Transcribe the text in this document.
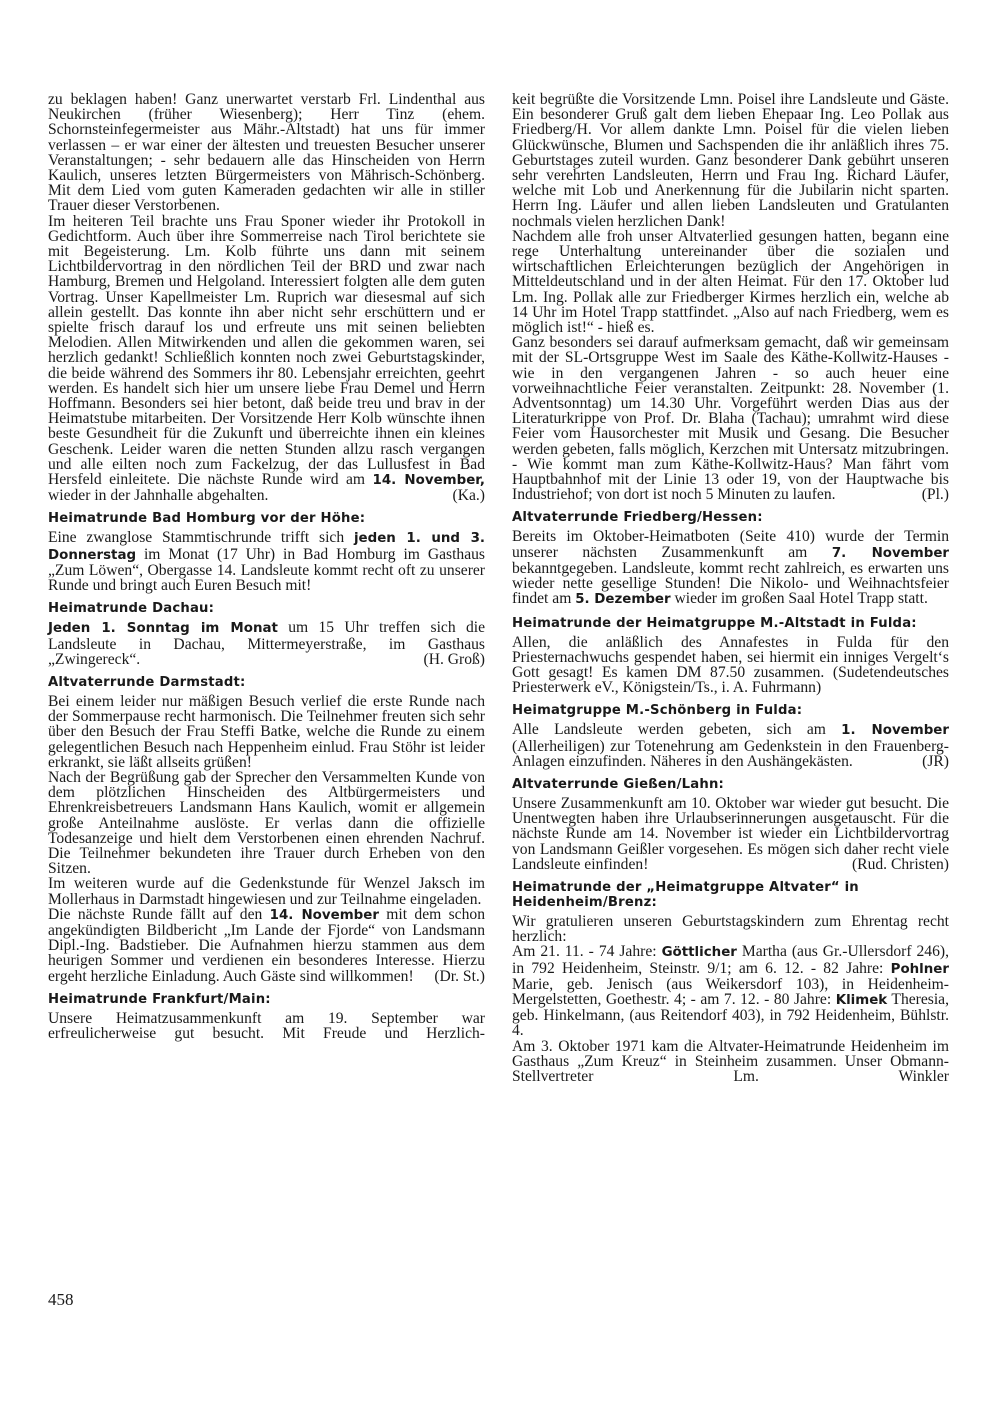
zu beklagen haben! Ganz unerwartet verstarb Frl. Lindenthal aus Neukirchen (früher Wiesenberg); Herr Tinz (ehem. Schornsteinfegermeister aus Mähr.-Altstadt) hat uns für immer verlassen – er war einer der ältesten und treuesten Besucher unserer Veranstaltungen; - sehr bedauern alle das Hinscheiden von Herrn Kaulich, unseres letzten Bürgermeisters von Mährisch-Schönberg. Mit dem Lied vom guten Kameraden gedachten wir alle in stiller Trauer dieser Verstorbenen.

Im heiteren Teil brachte uns Frau Sponer wieder ihr Protokoll in Gedichtform. Auch über ihre Sommerreise nach Tirol berichtete sie mit Begeisterung. Lm. Kolb führte uns dann mit seinem Lichtbildervortrag in den nördlichen Teil der BRD und zwar nach Hamburg, Bremen und Helgoland. Interessiert folgten alle dem guten Vortrag. Unser Kapellmeister Lm. Ruprich war diesesmal auf sich allein gestellt. Das konnte ihn aber nicht sehr erschüttern und er spielte frisch darauf los und erfreute uns mit seinen beliebten Melodien. Allen Mitwirkenden und allen die gekommen waren, sei herzlich gedankt! Schließlich konnten noch zwei Geburtstagskinder, die beide während des Sommers ihr 80. Lebensjahr erreichten, geehrt werden. Es handelt sich hier um unsere liebe Frau Demel und Herrn Hoffmann. Besonders sei hier betont, daß beide treu und brav in der Heimatstube mitarbeiten. Der Vorsitzende Herr Kolb wünschte ihnen beste Gesundheit für die Zukunft und überreichte ihnen ein kleines Geschenk. Leider waren die netten Stunden allzu rasch vergangen und alle eilten noch zum Fackelzug, der das Lullusfest in Bad Hersfeld einleitete. Die nächste Runde wird am 14. November, wieder in der Jahnhalle abgehalten.	(Ka.)

Heimatrunde Bad Homburg vor der Höhe:

Eine zwanglose Stammtischrunde trifft sich jeden 1. und 3. Donnerstag im Monat (17 Uhr) in Bad Homburg im Gasthaus „Zum Löwen“, Obergasse 14. Landsleute kommt recht oft zu unserer Runde und bringt auch Euren Besuch mit!

Heimatrunde Dachau:

Jeden 1. Sonntag im Monat um 15 Uhr treffen sich die Landsleute in Dachau, Mittermeyerstraße, im Gasthaus „Zwingereck“.	(H. Groß)

Altvaterrunde Darmstadt:

Bei einem leider nur mäßigen Besuch verlief die erste Runde nach der Sommerpause recht harmonisch. Die Teilnehmer freuten sich sehr über den Besuch der Frau Steffi Batke, welche die Runde zu einem gelegentlichen Besuch nach Heppenheim einlud. Frau Stöhr ist leider erkrankt, sie läßt allseits grüßen!

Nach der Begrüßung gab der Sprecher den Versammelten Kunde von dem plötzlichen Hinscheiden des Altbürgermeisters und Ehrenkreisbetreuers Landsmann Hans Kaulich, womit er allgemein große Anteilnahme auslöste. Er verlas dann die offizielle Todesanzeige und hielt dem Verstorbenen einen ehrenden Nachruf. Die Teilnehmer bekundeten ihre Trauer durch Erheben von den Sitzen.

Im weiteren wurde auf die Gedenkstunde für Wenzel Jaksch im Mollerhaus in Darmstadt hingewiesen und zur Teilnahme eingeladen.

Die nächste Runde fällt auf den 14. November mit dem schon angekündigten Bildbericht „Im Lande der Fjorde“ von Landsmann Dipl.-Ing. Badstieber. Die Aufnahmen hierzu stammen aus dem heurigen Sommer und verdienen ein besonderes Interesse. Hierzu ergeht herzliche Einladung. Auch Gäste sind willkommen! (Dr. St.)

Heimatrunde Frankfurt/Main:

Unsere Heimatzusammenkunft am 19. September war erfreulicherweise gut besucht. Mit Freude und Herzlich-

keit begrüßte die Vorsitzende Lmn. Poisel ihre Landsleute und Gäste. Ein besonderer Gruß galt dem lieben Ehepaar Ing. Leo Pollak aus Friedberg/H. Vor allem dankte Lmn. Poisel für die vielen lieben Glückwünsche, Blumen und Sachspenden die ihr anläßlich ihres 75. Geburtstages zuteil wurden. Ganz besonderer Dank gebührt unseren sehr verehrten Landsleuten, Herrn und Frau Ing. Richard Läufer, welche mit Lob und Anerkennung für die Jubilarin nicht sparten. Herrn Ing. Läufer und allen lieben Landsleuten und Gratulanten nochmals vielen herzlichen Dank!

Nachdem alle froh unser Altvaterlied gesungen hatten, begann eine rege Unterhaltung untereinander über die sozialen und wirtschaftlichen Erleichterungen bezüglich der Angehörigen in Mitteldeutschland und in der alten Heimat. Für den 17. Oktober lud Lm. Ing. Pollak alle zur Friedberger Kirmes herzlich ein, welche ab 14 Uhr im Hotel Trapp stattfindet. „Also auf nach Friedberg, wem es möglich ist!“ - hieß es.

Ganz besonders sei darauf aufmerksam gemacht, daß wir gemeinsam mit der SL-Ortsgruppe West im Saale des Käthe-Kollwitz-Hauses - wie in den vergangenen Jahren - so auch heuer eine vorweihnachtliche Feier veranstalten. Zeitpunkt: 28. November (1. Adventsonntag) um 14.30 Uhr. Vorgeführt werden Dias aus der Literaturkrippe von Prof. Dr. Blaha (Tachau); umrahmt wird diese Feier vom Hausorchester mit Musik und Gesang. Die Besucher werden gebeten, falls möglich, Kerzchen mit Untersatz mitzubringen. - Wie kommt man zum Käthe-Kollwitz-Haus? Man fährt vom Hauptbahnhof mit der Linie 13 oder 19, von der Hauptwache bis Industriehof; von dort ist noch 5 Minuten zu laufen.	(Pl.)

Altvaterrunde Friedberg/Hessen:

Bereits im Oktober-Heimatboten (Seite 410) wurde der Termin unserer nächsten Zusammenkunft am 7. November bekanntgegeben. Landsleute, kommt recht zahlreich, es erwarten uns wieder nette gesellige Stunden! Die Nikolo- und Weihnachtsfeier findet am 5. Dezember wieder im großen Saal Hotel Trapp statt.

Heimatrunde der Heimatgruppe M.-Altstadt in Fulda:

Allen, die anläßlich des Annafestes in Fulda für den Priesternachwuchs gespendet haben, sei hiermit ein inniges Vergelt‘s Gott gesagt! Es kamen DM 87.50 zusammen. (Sudetendeutsches Priesterwerk eV., Königstein/Ts., i. A. Fuhrmann)

Heimatgruppe M.-Schönberg in Fulda:

Alle Landsleute werden gebeten, sich am 1. November (Allerheiligen) zur Totenehrung am Gedenkstein in den Frauenberg-Anlagen einzufinden. Näheres in den Aushängekästen.	(JR)

Altvaterrunde Gießen/Lahn:

Unsere Zusammenkunft am 10. Oktober war wieder gut besucht. Die Unentwegten haben ihre Urlaubserinnerungen ausgetauscht. Für die nächste Runde am 14. November ist wieder ein Lichtbildervortrag von Landsmann Geißler vorgesehen. Es mögen sich daher recht viele Landsleute einfinden!	(Rud. Christen)

Heimatrunde der „Heimatgruppe Altvater“ in Heidenheim/Brenz:

Wir gratulieren unseren Geburtstagskindern zum Ehrentag recht herzlich:

Am 21. 11. - 74 Jahre: Göttlicher Martha (aus Gr.-Ullersdorf 246), in 792 Heidenheim, Steinstr. 9/1; am 6. 12. - 82 Jahre: Pohlner Marie, geb. Jenisch (aus Weikersdorf 103), in Heidenheim-Mergelstetten, Goethestr. 4; - am 7. 12. - 80 Jahre: Klimek Theresia, geb. Hinkelmann, (aus Reitendorf 403), in 792 Heidenheim, Bühlstr. 4.

Am 3. Oktober 1971 kam die Altvater-Heimatrunde Heidenheim im Gasthaus „Zum Kreuz“ in Steinheim zusammen. Unser Obmann-Stellvertreter Lm. Winkler

458
